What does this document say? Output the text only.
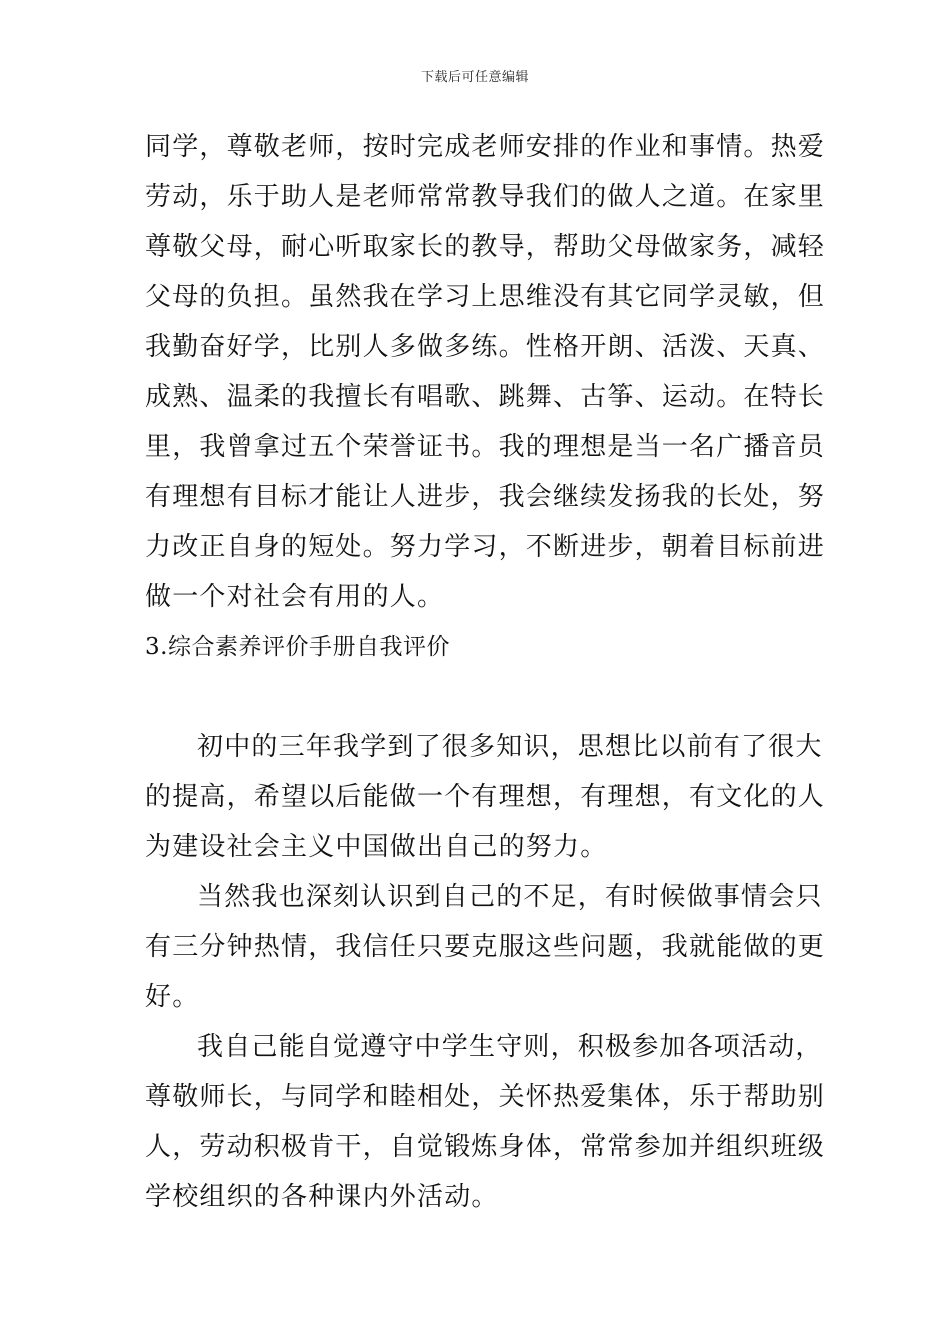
下载后可任意编辑
同学，尊敬老师，按时完成老师安排的作业和事情。热爱
劳动，乐于助人是老师常常教导我们的做人之道。在家里
尊敬父母，耐心听取家长的教导，帮助父母做家务，减轻
父母的负担。虽然我在学习上思维没有其它同学灵敏，但
我勤奋好学，比别人多做多练。性格开朗、活泼、天真、
成熟、温柔的我擅长有唱歌、跳舞、古筝、运动。在特长
里，我曾拿过五个荣誉证书。我的理想是当一名广播音员
有理想有目标才能让人进步，我会继续发扬我的长处，努
力改正自身的短处。努力学习，不断进步，朝着目标前进
做一个对社会有用的人。
3.综合素养评价手册自我评价
初中的三年我学到了很多知识，思想比以前有了很大
的提高，希望以后能做一个有理想，有理想，有文化的人
为建设社会主义中国做出自己的努力。
当然我也深刻认识到自己的不足，有时候做事情会只
有三分钟热情，我信任只要克服这些问题，我就能做的更
好。
我自己能自觉遵守中学生守则，积极参加各项活动，
尊敬师长，与同学和睦相处，关怀热爱集体，乐于帮助别
人，劳动积极肯干，自觉锻炼身体，常常参加并组织班级
学校组织的各种课内外活动。
